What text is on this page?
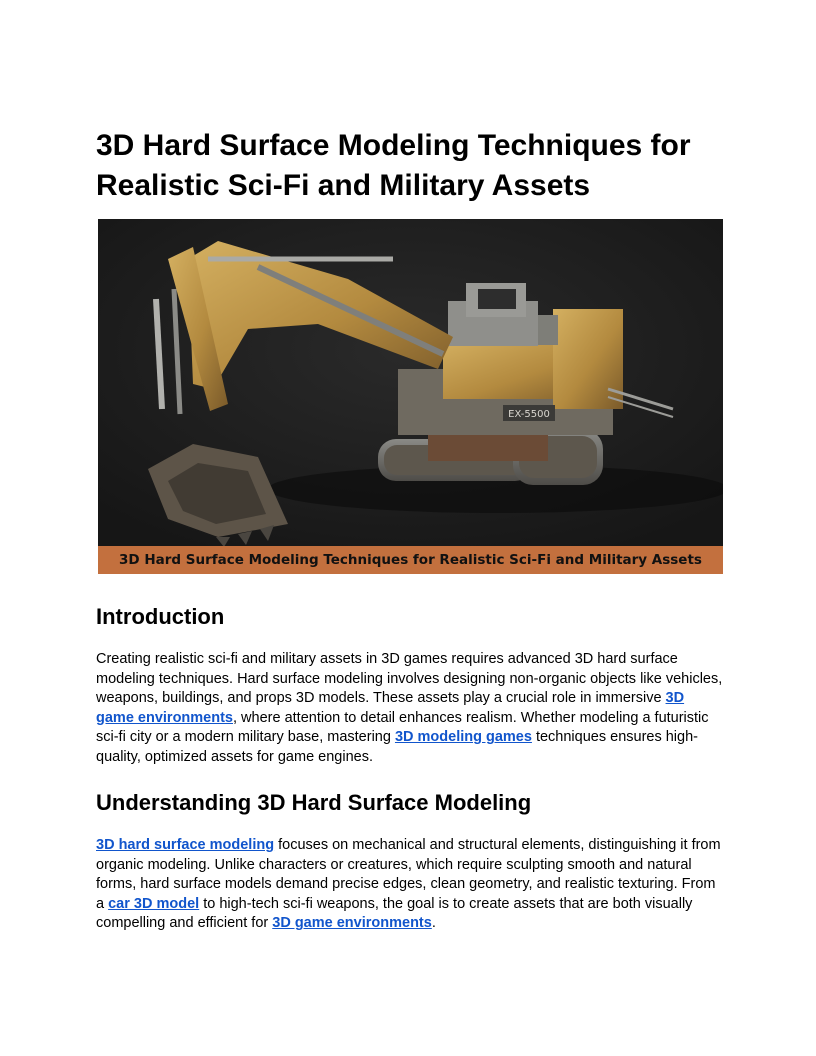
3D Hard Surface Modeling Techniques for Realistic Sci-Fi and Military Assets
EX-5500
3D Hard Surface Modeling Techniques for Realistic Sci-Fi and Military Assets
Introduction

Creating realistic sci-fi and military assets in 3D games requires advanced 3D hard surface modeling techniques. Hard surface modeling involves designing non-organic objects like vehicles, weapons, buildings, and props 3D models. These assets play a crucial role in immersive 3D game environments, where attention to detail enhances realism. Whether modeling a futuristic sci-fi city or a modern military base, mastering 3D modeling games techniques ensures high-quality, optimized assets for game engines.

Understanding 3D Hard Surface Modeling

3D hard surface modeling focuses on mechanical and structural elements, distinguishing it from organic modeling. Unlike characters or creatures, which require sculpting smooth and natural forms, hard surface models demand precise edges, clean geometry, and realistic texturing. From a car 3D model to high-tech sci-fi weapons, the goal is to create assets that are both visually compelling and efficient for 3D game environments.
